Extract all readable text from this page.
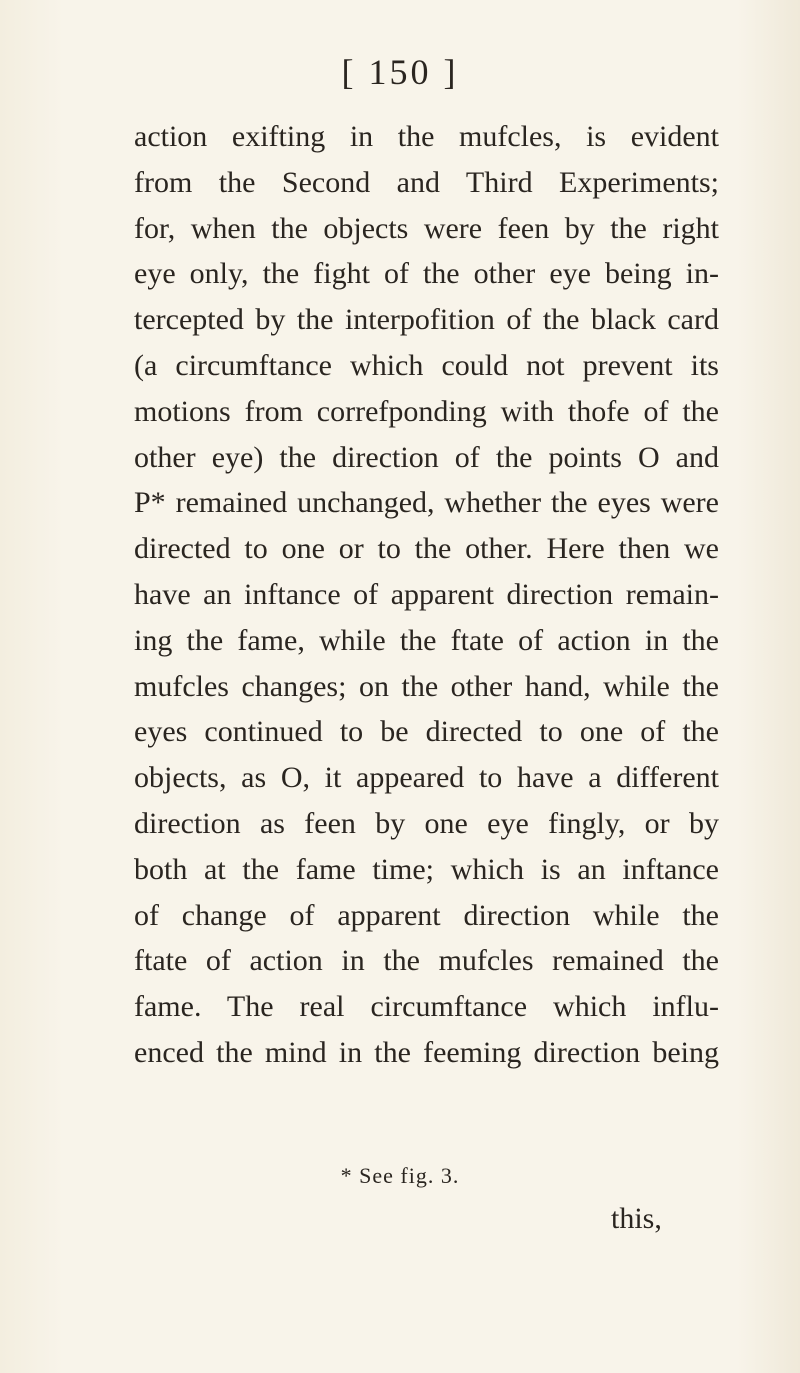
[ 150 ]
action exifting in the mufcles, is evident
from the Second and Third Experiments;
for, when the objects were feen by the right
eye only, the fight of the other eye being in-
tercepted by the interpofition of the black card
(a circumftance which could not prevent its
motions from correfponding with thofe of the
other eye) the direction of the points O and
P* remained unchanged, whether the eyes were
directed to one or to the other. Here then we
have an inftance of apparent direction remain-
ing the fame, while the ftate of action in the
mufcles changes; on the other hand, while the
eyes continued to be directed to one of the
objects, as O, it appeared to have a different
direction as feen by one eye fingly, or by
both at the fame time; which is an inftance
of change of apparent direction while the
ftate of action in the mufcles remained the
fame. The real circumftance which influ-
enced the mind in the feeming direction being
* See fig. 3.
this,
